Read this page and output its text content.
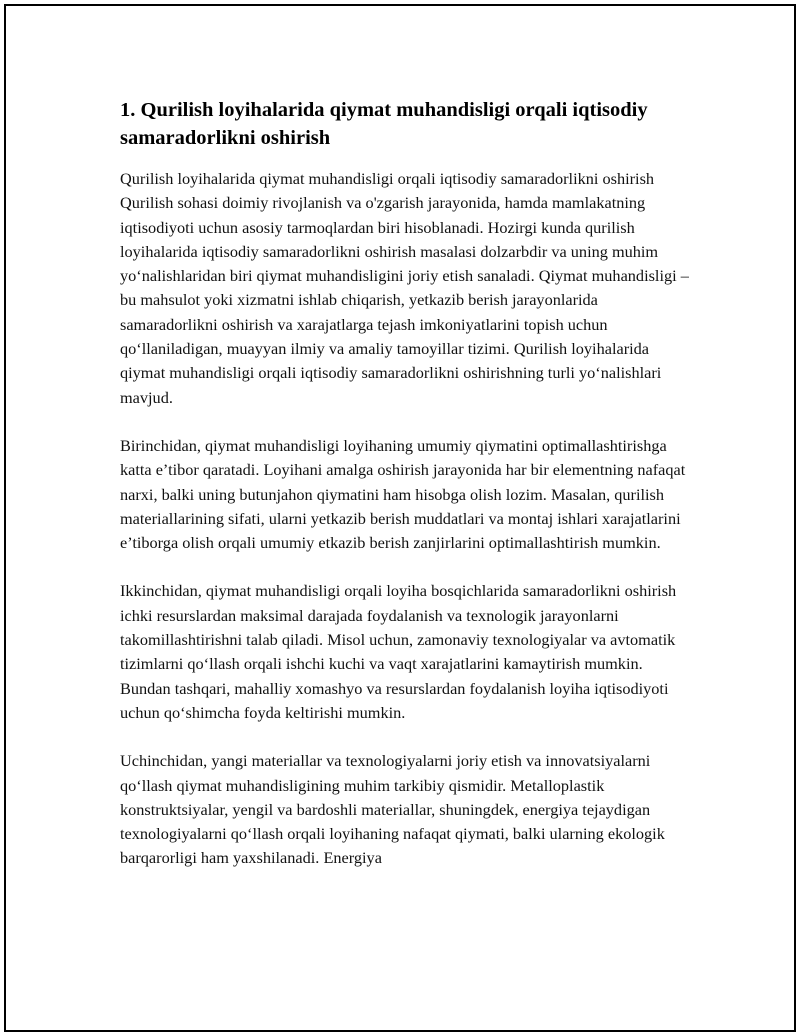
1. Qurilish loyihalarida qiymat muhandisligi orqali iqtisodiy samaradorlikni oshirish

Qurilish loyihalarida qiymat muhandisligi orqali iqtisodiy samaradorlikni oshirish Qurilish sohasi doimiy rivojlanish va o'zgarish jarayonida, hamda mamlakatning iqtisodiyoti uchun asosiy tarmoqlardan biri hisoblanadi. Hozirgi kunda qurilish loyihalarida iqtisodiy samaradorlikni oshirish masalasi dolzarbdir va uning muhim yo‘nalishlaridan biri qiymat muhandisligini joriy etish sanaladi. Qiymat muhandisligi – bu mahsulot yoki xizmatni ishlab chiqarish, yetkazib berish jarayonlarida samaradorlikni oshirish va xarajatlarga tejash imkoniyatlarini topish uchun qo‘llaniladigan, muayyan ilmiy va amaliy tamoyillar tizimi. Qurilish loyihalarida qiymat muhandisligi orqali iqtisodiy samaradorlikni oshirishning turli yo‘nalishlari mavjud.

Birinchidan, qiymat muhandisligi loyihaning umumiy qiymatini optimallashtirishga katta e’tibor qaratadi. Loyihani amalga oshirish jarayonida har bir elementning nafaqat narxi, balki uning butunjahon qiymatini ham hisobga olish lozim. Masalan, qurilish materiallarining sifati, ularni yetkazib berish muddatlari va montaj ishlari xarajatlarini e’tiborga olish orqali umumiy etkazib berish zanjirlarini optimallashtirish mumkin.

Ikkinchidan, qiymat muhandisligi orqali loyiha bosqichlarida samaradorlikni oshirish ichki resurslardan maksimal darajada foydalanish va texnologik jarayonlarni takomillashtirishni talab qiladi. Misol uchun, zamonaviy texnologiyalar va avtomatik tizimlarni qo‘llash orqali ishchi kuchi va vaqt xarajatlarini kamaytirish mumkin. Bundan tashqari, mahalliy xomashyo va resurslardan foydalanish loyiha iqtisodiyoti uchun qo‘shimcha foyda keltirishi mumkin.

Uchinchidan, yangi materiallar va texnologiyalarni joriy etish va innovatsiyalarni qo‘llash qiymat muhandisligining muhim tarkibiy qismidir. Metalloplastik konstruktsiyalar, yengil va bardoshli materiallar, shuningdek, energiya tejaydigan texnologiyalarni qo‘llash orqali loyihaning nafaqat qiymati, balki ularning ekologik barqarorligi ham yaxshilanadi. Energiya
